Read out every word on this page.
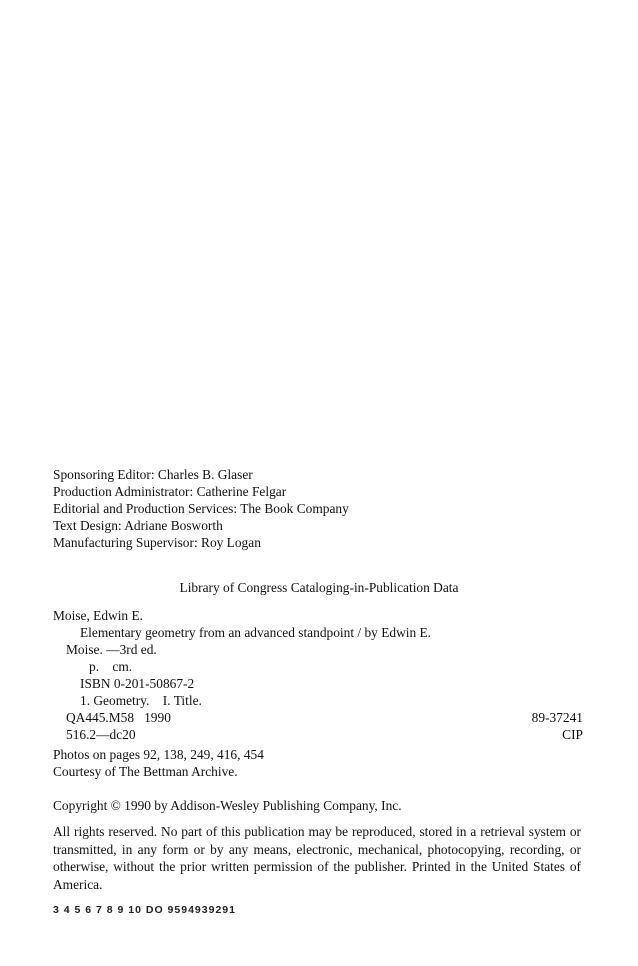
Sponsoring Editor: Charles B. Glaser
Production Administrator: Catherine Felgar
Editorial and Production Services: The Book Company
Text Design: Adriane Bosworth
Manufacturing Supervisor: Roy Logan
Library of Congress Cataloging-in-Publication Data
Moise, Edwin E.
Elementary geometry from an advanced standpoint / by Edwin E.
Moise. —3rd ed.
p.    cm.
ISBN 0-201-50867-2
1. Geometry.    I. Title.
QA445.M58   1990	89-37241
516.2—dc20	CIP
Photos on pages 92, 138, 249, 416, 454
Courtesy of The Bettman Archive.
Copyright © 1990 by Addison-Wesley Publishing Company, Inc.
All rights reserved. No part of this publication may be reproduced, stored in a retrieval system or transmitted, in any form or by any means, electronic, mechanical, photocopying, recording, or otherwise, without the prior written permission of the publisher. Printed in the United States of America.
3 4 5 6 7 8 9 10 DO 9594939291
